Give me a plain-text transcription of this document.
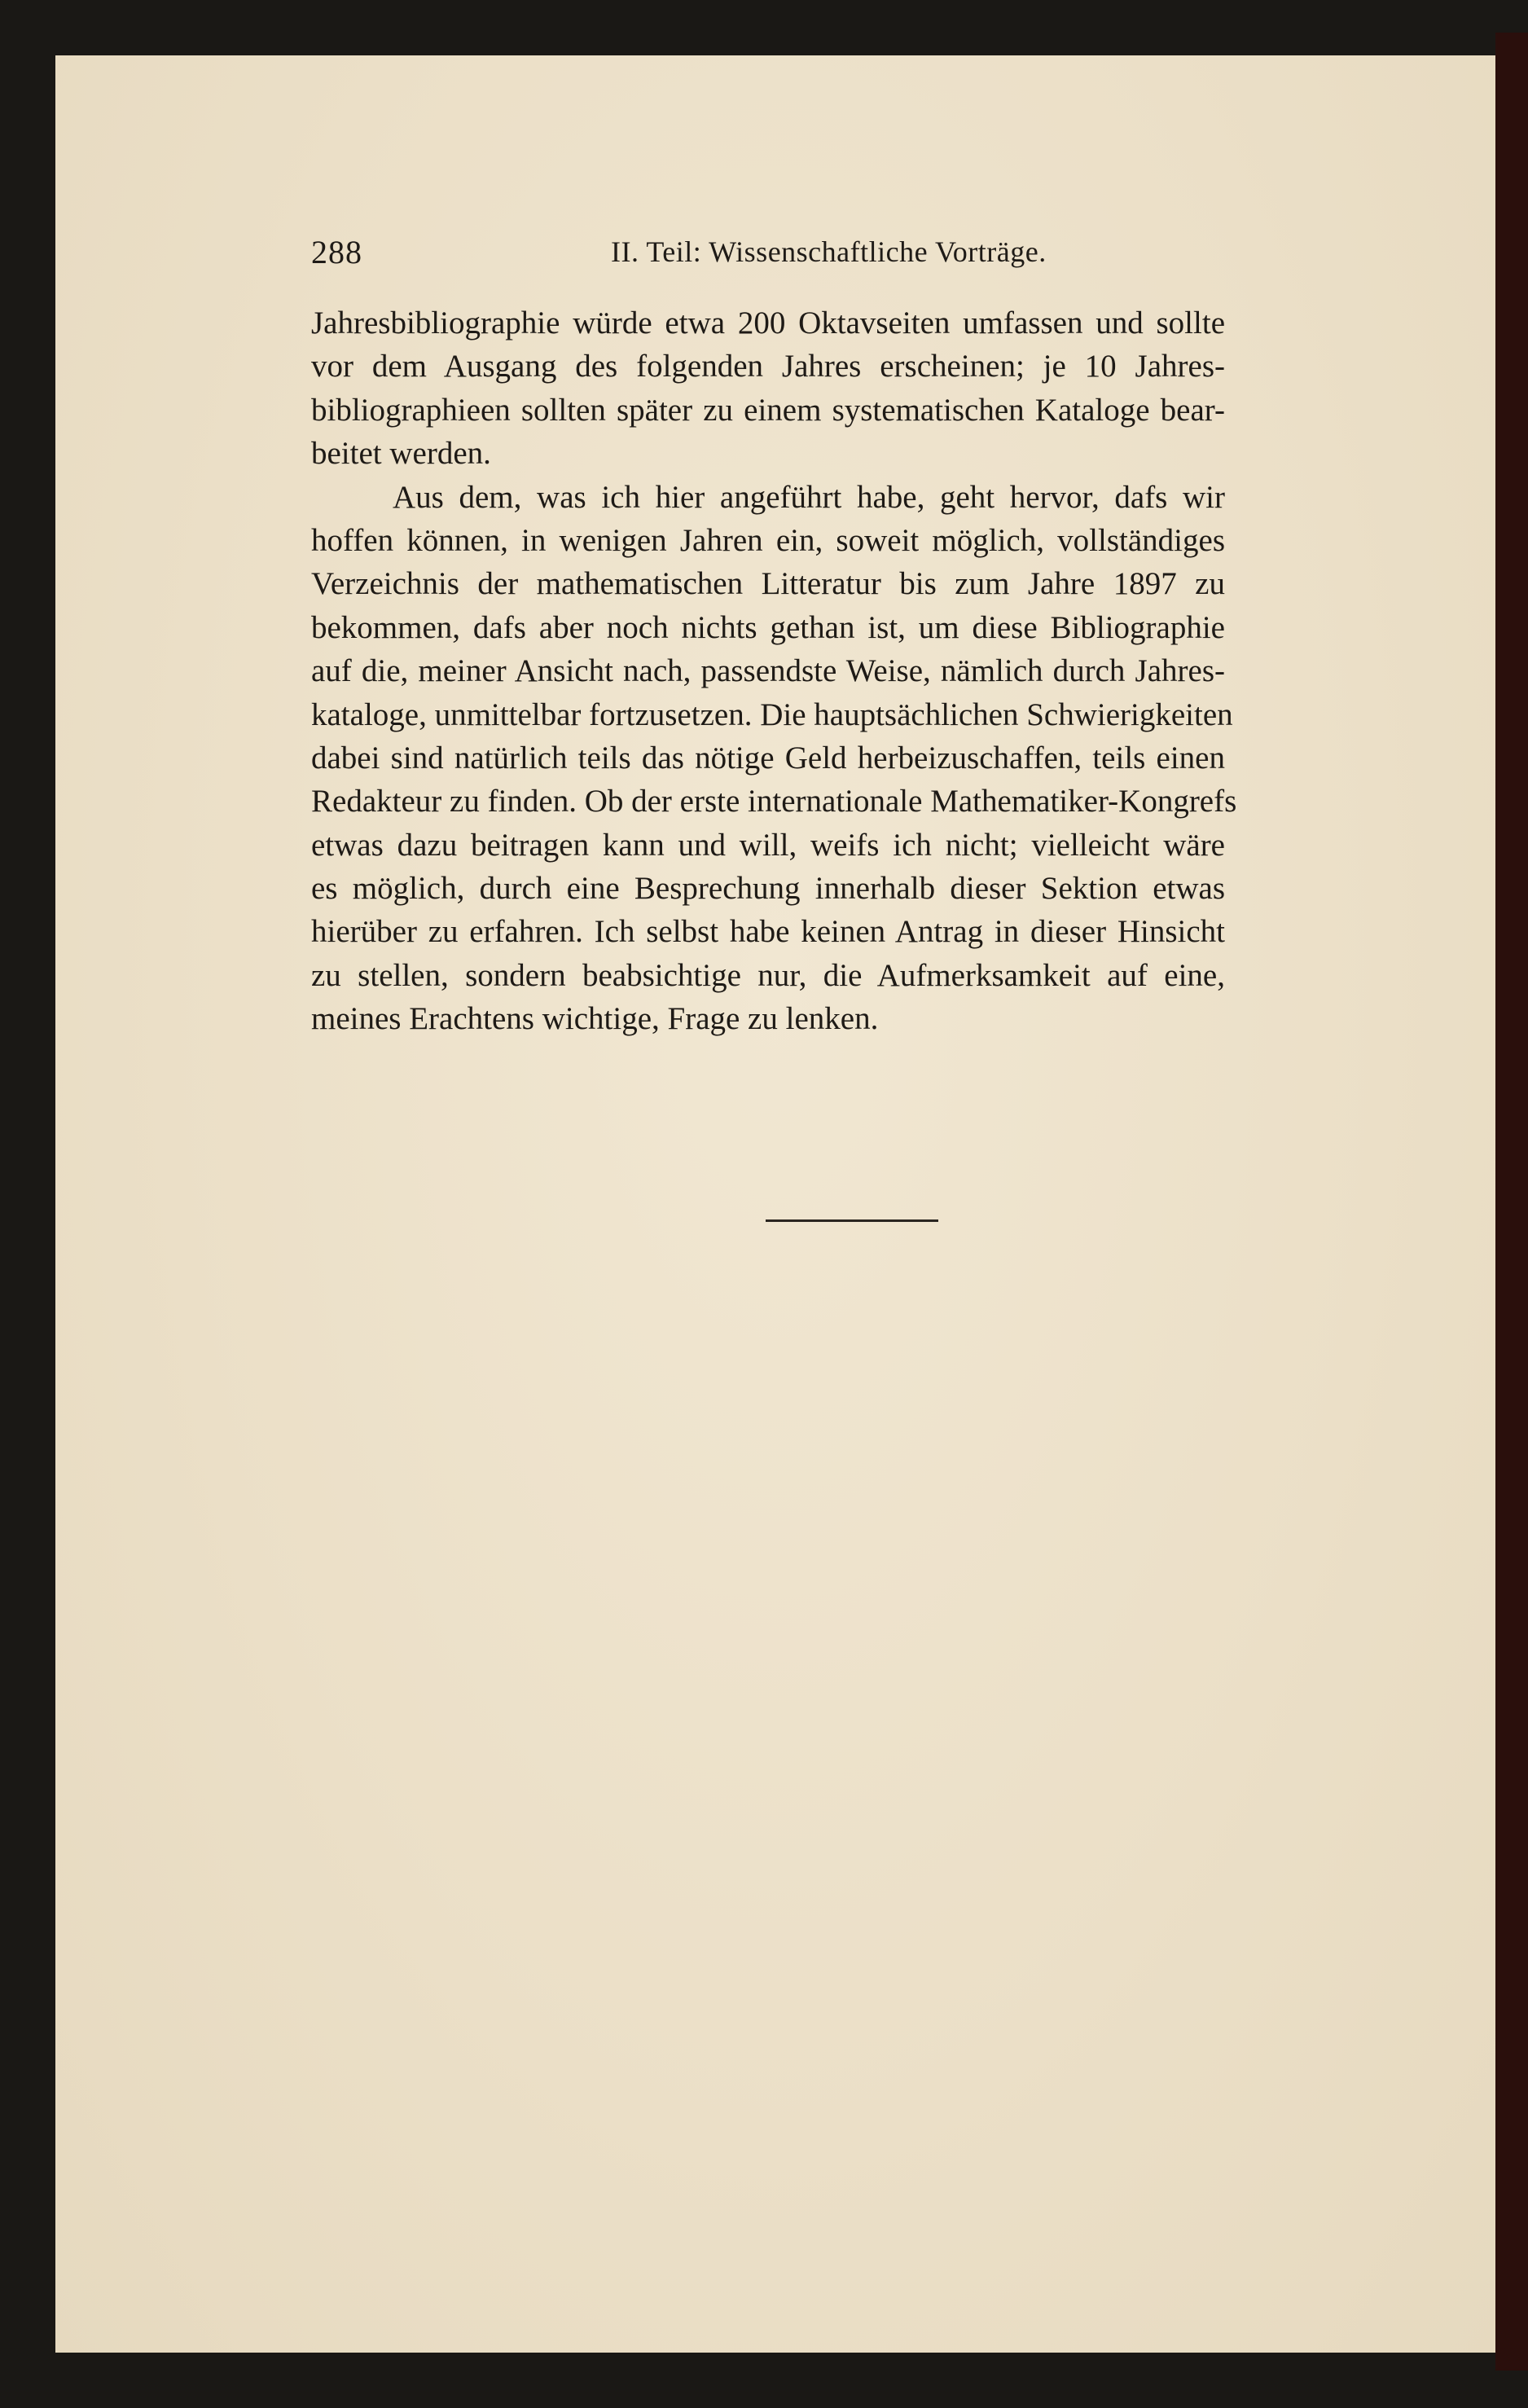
288	II. Teil: Wissenschaftliche Vorträge.
Jahresbibliographie würde etwa 200 Oktavseiten umfassen und sollte
vor dem Ausgang des folgenden Jahres erscheinen; je 10 Jahres-
bibliographieen sollten später zu einem systematischen Kataloge bear-
beitet werden.
Aus dem, was ich hier angeführt habe, geht hervor, dafs wir
hoffen können, in wenigen Jahren ein, soweit möglich, vollständiges
Verzeichnis der mathematischen Litteratur bis zum Jahre 1897 zu
bekommen, dafs aber noch nichts gethan ist, um diese Bibliographie
auf die, meiner Ansicht nach, passendste Weise, nämlich durch Jahres-
kataloge, unmittelbar fortzusetzen. Die hauptsächlichen Schwierigkeiten
dabei sind natürlich teils das nötige Geld herbeizuschaffen, teils einen
Redakteur zu finden. Ob der erste internationale Mathematiker-Kongrefs
etwas dazu beitragen kann und will, weifs ich nicht; vielleicht wäre
es möglich, durch eine Besprechung innerhalb dieser Sektion etwas
hierüber zu erfahren. Ich selbst habe keinen Antrag in dieser Hinsicht
zu stellen, sondern beabsichtige nur, die Aufmerksamkeit auf eine,
meines Erachtens wichtige, Frage zu lenken.
